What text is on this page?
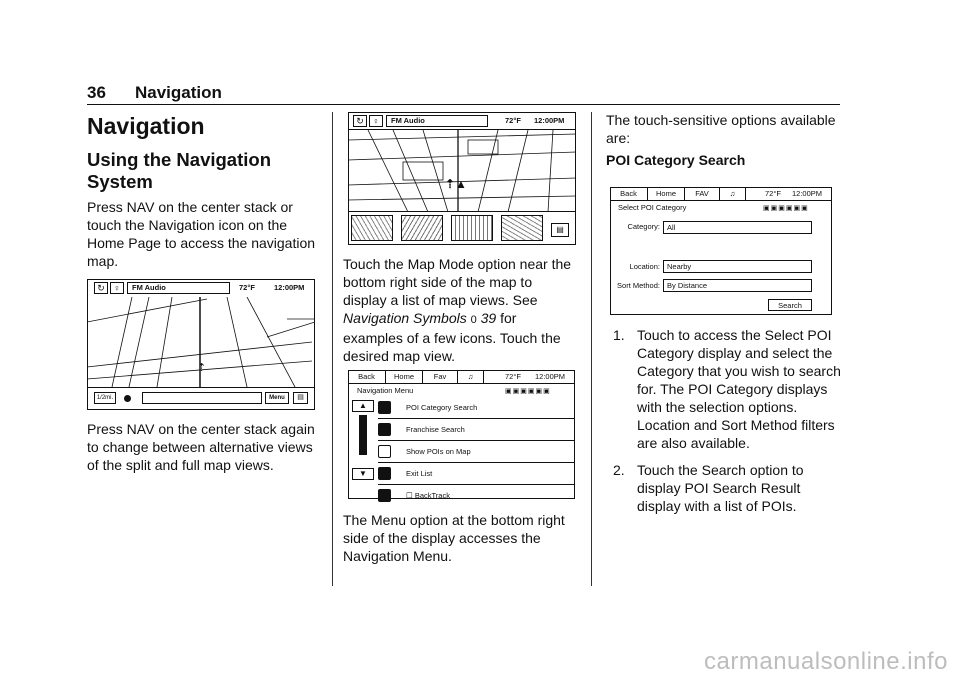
36 Navigation
Navigation
Using the Navigation System

Press NAV on the center stack or touch the Navigation icon on the Home Page to access the navigation map.

↻ ♀	FM Audio	72°F	12:00PM
⇡
1/2mi.	Menu	▤

Press NAV on the center stack again to change between alternative views of the split and full map views.

↻ ♀	FM Audio	72°F 12:00PM
⇡▲
▤

Touch the Map Mode option near the bottom right side of the map to display a list of map views. See Navigation Symbols 0 39 for examples of a few icons. Touch the desired map view.

Back	Home	Fav	♫	72°F 12:00PM
Navigation Menu	▣▣▣▣▣▣
▲
▼
POI Category Search
Franchise Search
Show POIs on Map
Exit List
☐ BackTrack

The Menu option at the bottom right side of the display accesses the Navigation Menu.

The touch-sensitive options available are:

POI Category Search

Back	Home	FAV	♫	72°F 12:00PM
Select POI Category	▣▣▣▣▣▣
Category: All
Location: Nearby
Sort Method: By Distance
Search
1. Touch to access the Select POI Category display and select the Category that you wish to search for. The POI Category displays with the selection options. Location and Sort Method filters are also available.
2. Touch the Search option to display POI Search Result display with a list of POIs.
carmanualsonline.info
